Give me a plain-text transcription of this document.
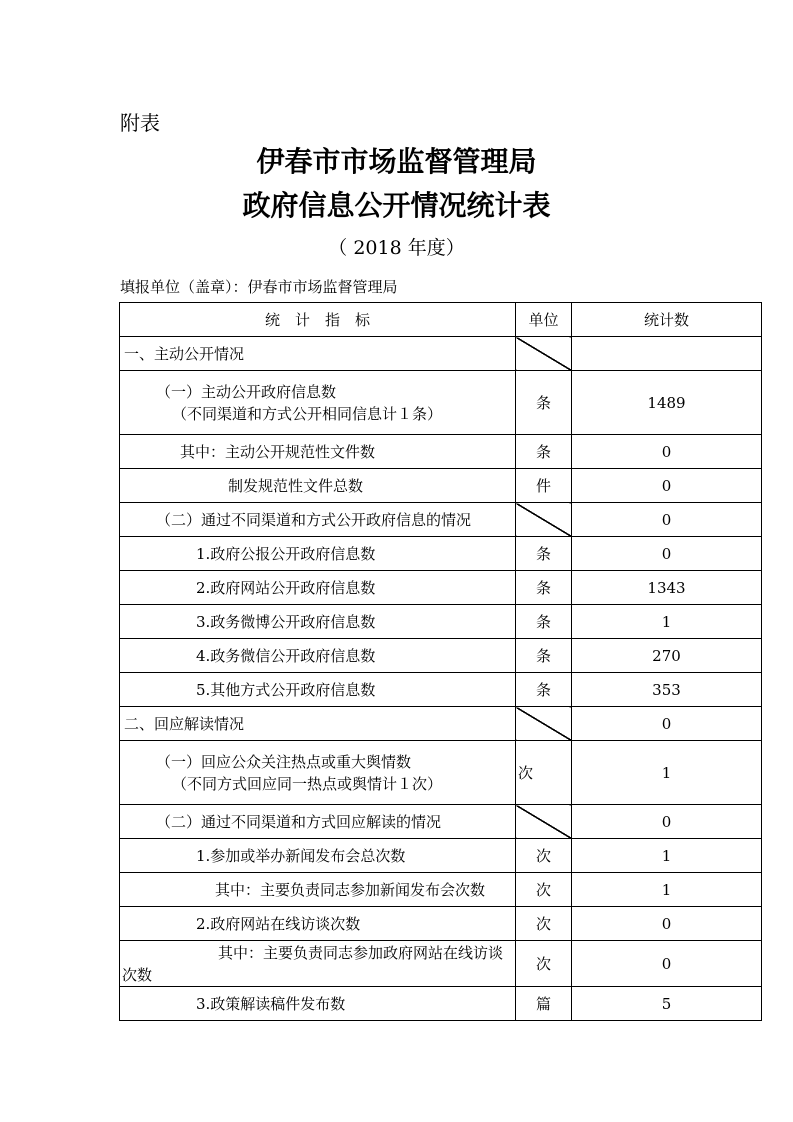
附表
伊春市市场监督管理局
政府信息公开情况统计表
（ 2018 年度）
填报单位（盖章）：伊春市市场监督管理局
统　计　指　标	单位	统计数
一、主动公开情况		

（一）主动公开政府信息数
（不同渠道和方式公开相同信息计１条）	条	1489
其中：主动公开规范性文件数	条	0
制发规范性文件总数	件	0
（二）通过不同渠道和方式公开政府信息的情况		0
1.政府公报公开政府信息数	条	0
2.政府网站公开政府信息数	条	1343
3.政务微博公开政府信息数	条	1
4.政务微信公开政府信息数	条	270
5.其他方式公开政府信息数	条	353
二、回应解读情况		0

（一）回应公众关注热点或重大舆情数
（不同方式回应同一热点或舆情计１次）	次	1
（二）通过不同渠道和方式回应解读的情况		0
1.参加或举办新闻发布会总次数	次	1
其中：主要负责同志参加新闻发布会次数	次	1
2.政府网站在线访谈次数	次	0

其中：主要负责同志参加政府网站在线访谈
次数	次	0
3.政策解读稿件发布数	篇	5
